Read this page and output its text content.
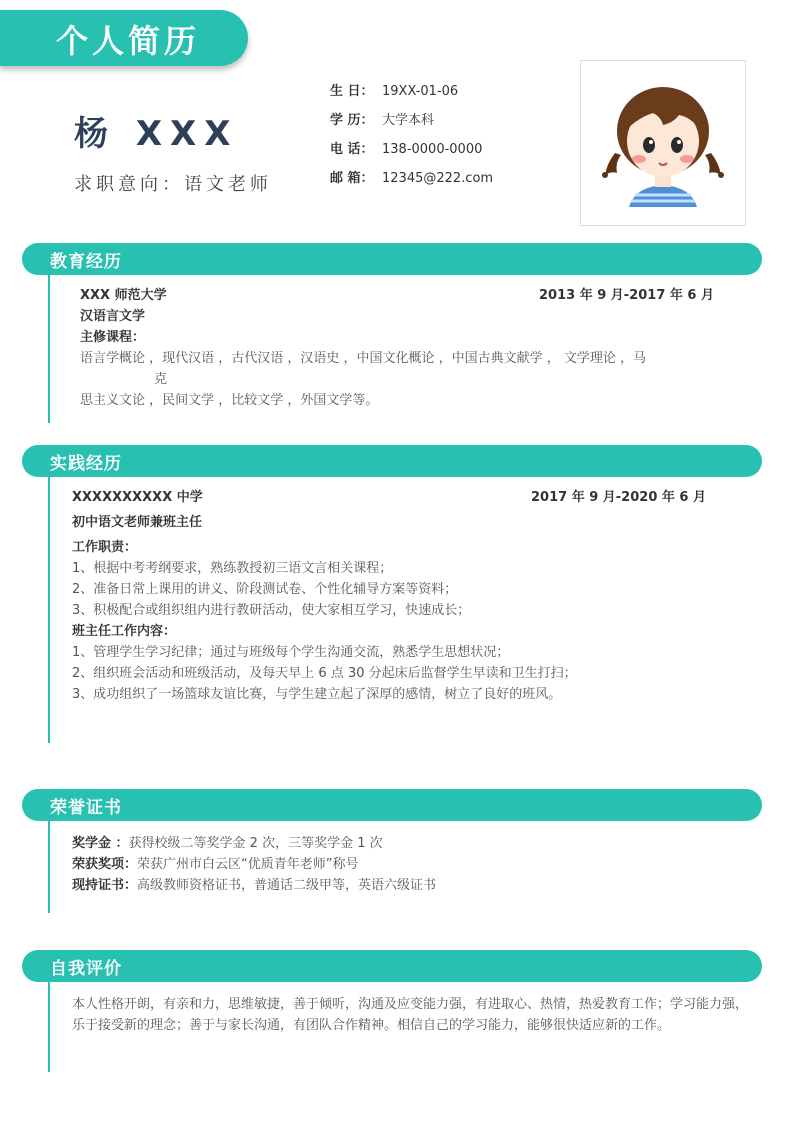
个人简历
杨 XXX
求职意向：语文老师
生 日： 19XX-01-06
学 历： 大学本科
电 话： 138-0000-0000
邮 箱： 12345@222.com
教育经历
XXX 师范大学	2013 年 9 月-2017 年 6 月
汉语言文学
主修课程：
语言学概论 ，现代汉语 ，古代汉语 ，汉语史 ，中国文化概论 ，中国古典文献学 ， 文学理论 ，马
克
思主义文论 ，民间文学 ，比较文学 ，外国文学等。
实践经历
XXXXXXXXXX 中学	2017 年 9 月-2020 年 6 月
初中语文老师兼班主任
工作职责：
1、根据中考考纲要求，熟练教授初三语文言相关课程；
2、准备日常上课用的讲义、阶段测试卷、个性化辅导方案等资料；
3、积极配合或组织组内进行教研活动，使大家相互学习，快速成长；
班主任工作内容：
1、管理学生学习纪律；通过与班级每个学生沟通交流，熟悉学生思想状况；
2、组织班会活动和班级活动，及每天早上 6 点 30 分起床后监督学生早读和卫生打扫；
3、成功组织了一场篮球友谊比赛，与学生建立起了深厚的感情，树立了良好的班风。
荣誉证书
奖学金 ：获得校级二等奖学金 2 次，三等奖学金 1 次
荣获奖项：荣获广州市白云区“优质青年老师”称号
现持证书：高级教师资格证书，普通话二级甲等，英语六级证书
自我评价
本人性格开朗，有亲和力，思维敏捷，善于倾听，沟通及应变能力强，有进取心、热情，热爱教育工作；学习能力强，乐于接受新的理念；善于与家长沟通，有团队合作精神。相信自己的学习能力，能够很快适应新的工作。
